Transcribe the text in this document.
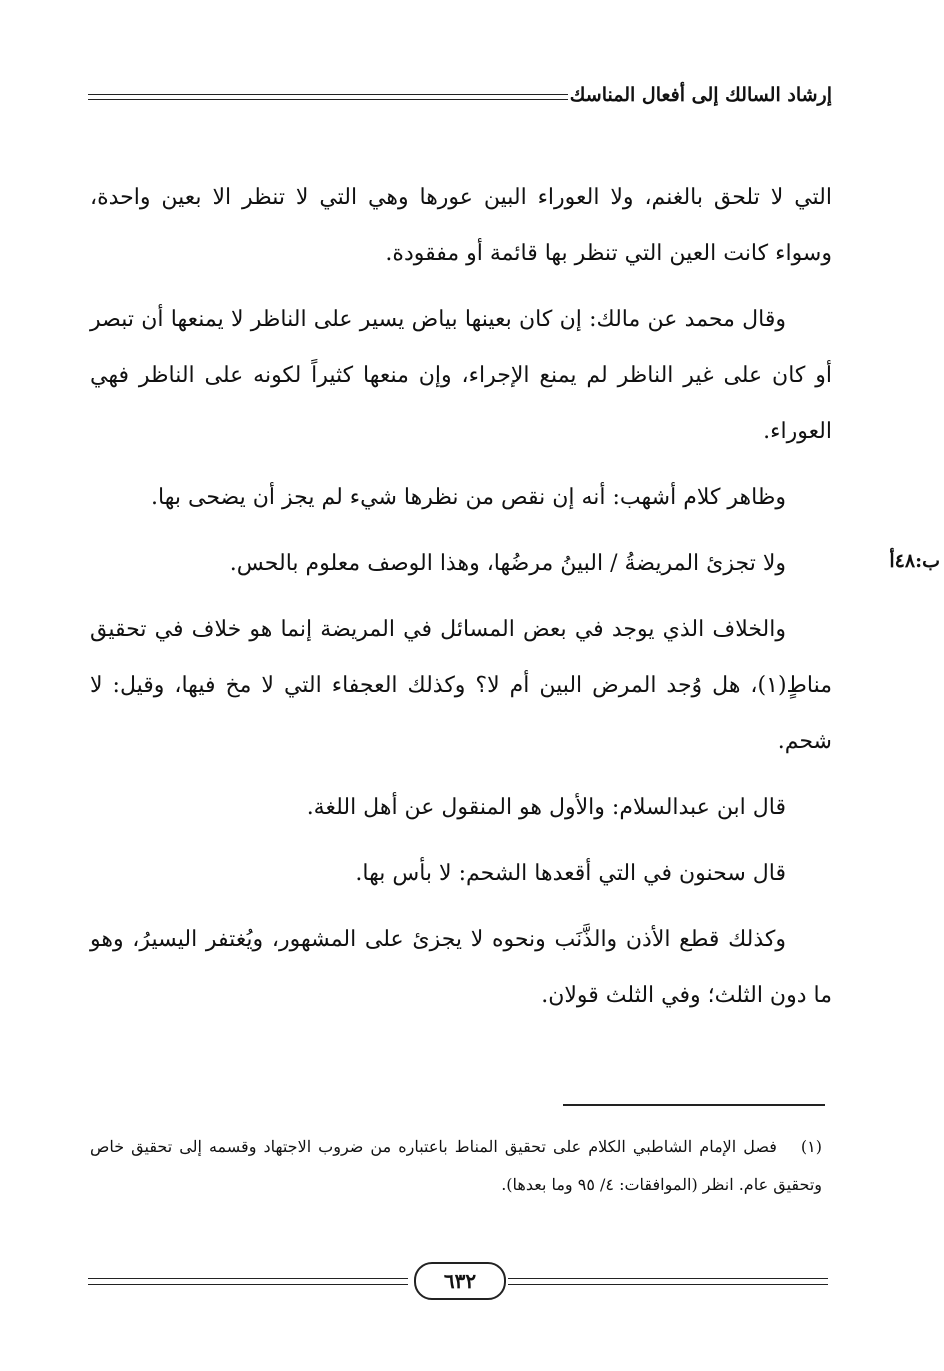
إرشاد السالك إلى أفعال المناسك
ب:٤٨أ

التي لا تلحق بالغنم، ولا العوراء البين عورها وهي التي لا تنظر الا بعين واحدة، وسواء كانت العين التي تنظر بها قائمة أو مفقودة.

وقال محمد عن مالك: إن كان بعينها بياض يسير على الناظر لا يمنعها أن تبصر أو كان على غير الناظر لم يمنع الإجراء، وإن منعها كثيراً لكونه على الناظر فهي العوراء.

وظاهر كلام أشهب: أنه إن نقص من نظرها شيء لم يجز أن يضحى بها.

ولا تجزئ المريضةُ / البينُ مرضُها، وهذا الوصف معلوم بالحس.

والخلاف الذي يوجد في بعض المسائل في المريضة إنما هو خلاف في تحقيق مناطٍ(١)، هل وُجد المرض البين أم لا؟ وكذلك العجفاء التي لا مخ فيها، وقيل: لا شحم.

قال ابن عبدالسلام: والأول هو المنقول عن أهل اللغة.

قال سحنون في التي أقعدها الشحم: لا بأس بها.

وكذلك قطع الأذن والذَّنَب ونحوه لا يجزئ على المشهور، ويُغتفر اليسيرُ، وهو ما دون الثلث؛ وفي الثلث قولان.

(١)فصل الإمام الشاطبي الكلام على تحقيق المناط باعتباره من ضروب الاجتهاد وقسمه إلى تحقيق خاص وتحقيق عام. انظر (الموافقات: ٤/ ٩٥ وما بعدها).
٦٣٢
